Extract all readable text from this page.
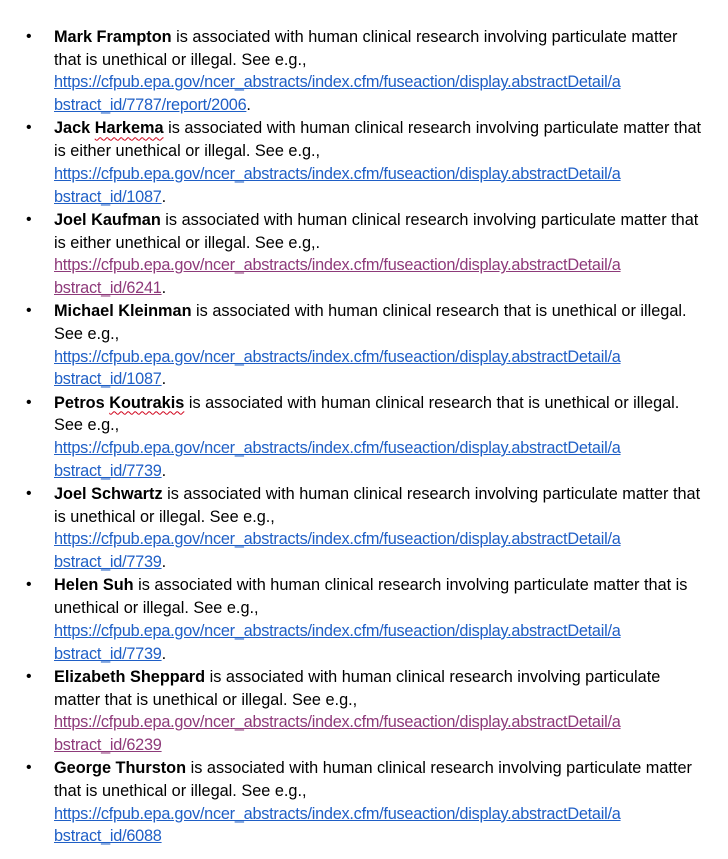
• Mark Frampton is associated with human clinical research involving particulate matter that is unethical or illegal. See e.g.,
https://cfpub.epa.gov/ncer_abstracts/index.cfm/fuseaction/display.abstractDetail/a
bstract_id/7787/report/2006.
• Jack Harkema is associated with human clinical research involving particulate matter that is either unethical or illegal. See e.g.,
https://cfpub.epa.gov/ncer_abstracts/index.cfm/fuseaction/display.abstractDetail/a
bstract_id/1087.
• Joel Kaufman is associated with human clinical research involving particulate matter that is either unethical or illegal. See e.g,.
https://cfpub.epa.gov/ncer_abstracts/index.cfm/fuseaction/display.abstractDetail/a
bstract_id/6241.
• Michael Kleinman is associated with human clinical research that is unethical or illegal. See e.g.,
https://cfpub.epa.gov/ncer_abstracts/index.cfm/fuseaction/display.abstractDetail/a
bstract_id/1087.
• Petros Koutrakis is associated with human clinical research that is unethical or illegal. See e.g.,
https://cfpub.epa.gov/ncer_abstracts/index.cfm/fuseaction/display.abstractDetail/a
bstract_id/7739.
• Joel Schwartz is associated with human clinical research involving particulate matter that is unethical or illegal. See e.g.,
https://cfpub.epa.gov/ncer_abstracts/index.cfm/fuseaction/display.abstractDetail/a
bstract_id/7739.
• Helen Suh is associated with human clinical research involving particulate matter that is unethical or illegal. See e.g.,
https://cfpub.epa.gov/ncer_abstracts/index.cfm/fuseaction/display.abstractDetail/a
bstract_id/7739.
• Elizabeth Sheppard is associated with human clinical research involving particulate matter that is unethical or illegal. See e.g.,
https://cfpub.epa.gov/ncer_abstracts/index.cfm/fuseaction/display.abstractDetail/a
bstract_id/6239
• George Thurston is associated with human clinical research involving particulate matter that is unethical or illegal. See e.g.,
https://cfpub.epa.gov/ncer_abstracts/index.cfm/fuseaction/display.abstractDetail/a
bstract_id/6088
